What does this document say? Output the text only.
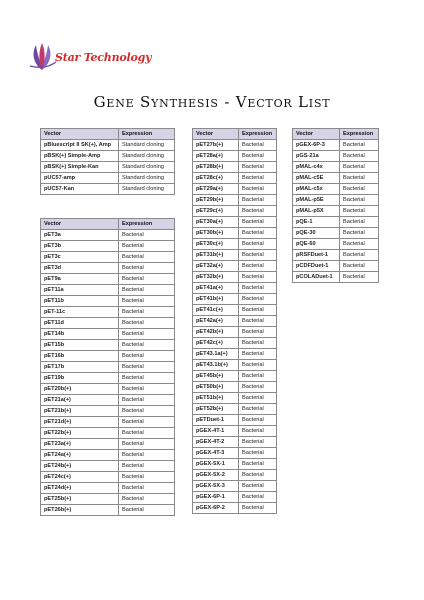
Star Technology
Gene Synthesis - Vector List
Vector	Expression
pBluescript II SK(+), Amp	Standard cloning
pBSK(+) Simple-Amp	Standard cloning
pBSK(+) Simple-Kan	Standard cloning
pUC57-amp	Standard cloning
pUC57-Kan	Standard cloning
Vector	Expression
pET3a	Bacterial
pET3b	Bacterial
pET3c	Bacterial
pET3d	Bacterial
pET9a	Bacterial
pET11a	Bacterial
pET11b	Bacterial
pET-11c	Bacterial
pET11d	Bacterial
pET14b	Bacterial
pET15b	Bacterial
pET16b	Bacterial
pET17b	Bacterial
pET19b	Bacterial
pET20b(+)	Bacterial
pET21a(+)	Bacterial
pET21b(+)	Bacterial
pET21d(+)	Bacterial
pET22b(+)	Bacterial
pET23a(+)	Bacterial
pET24a(+)	Bacterial
pET24b(+)	Bacterial
pET24c(+)	Bacterial
pET24d(+)	Bacterial
pET25b(+)	Bacterial
pET26b(+)	Bacterial
Vector	Expression
pET27b(+)	Bacterial
pET28a(+)	Bacterial
pET28b(+)	Bacterial
pET28c(+)	Bacterial
pET29a(+)	Bacterial
pET29b(+)	Bacterial
pET29c(+)	Bacterial
pET30a(+)	Bacterial
pET30b(+)	Bacterial
pET30c(+)	Bacterial
pET31b(+)	Bacterial
pET32a(+)	Bacterial
pET32b(+)	Bacterial
pET41a(+)	Bacterial
pET41b(+)	Bacterial
pET41c(+)	Bacterial
pET42a(+)	Bacterial
pET42b(+)	Bacterial
pET42c(+)	Bacterial
pET43.1a(+)	Bacterial
pET43.1b(+)	Bacterial
pET45b(+)	Bacterial
pET50b(+)	Bacterial
pET51b(+)	Bacterial
pET52b(+)	Bacterial
pETDuet-1	Bacterial
pGEX-4T-1	Bacterial
pGEX-4T-2	Bacterial
pGEX-4T-3	Bacterial
pGEX-5X-1	Bacterial
pGEX-5X-2	Bacterial
pGEX-5X-3	Bacterial
pGEX-6P-1	Bacterial
pGEX-6P-2	Bacterial
Vector	Expression
pGEX-6P-3	Bacterial
pGS-21a	Bacterial
pMAL-c4x	Bacterial
pMAL-c5E	Bacterial
pMAL-c5x	Bacterial
pMAL-p5E	Bacterial
pMAL-p5X	Bacterial
pQE-1	Bacterial
pQE-30	Bacterial
pQE-60	Bacterial
pRSFDuet-1	Bacterial
pCDFDuet-1	Bacterial
pCOLADuet-1	Bacterial
